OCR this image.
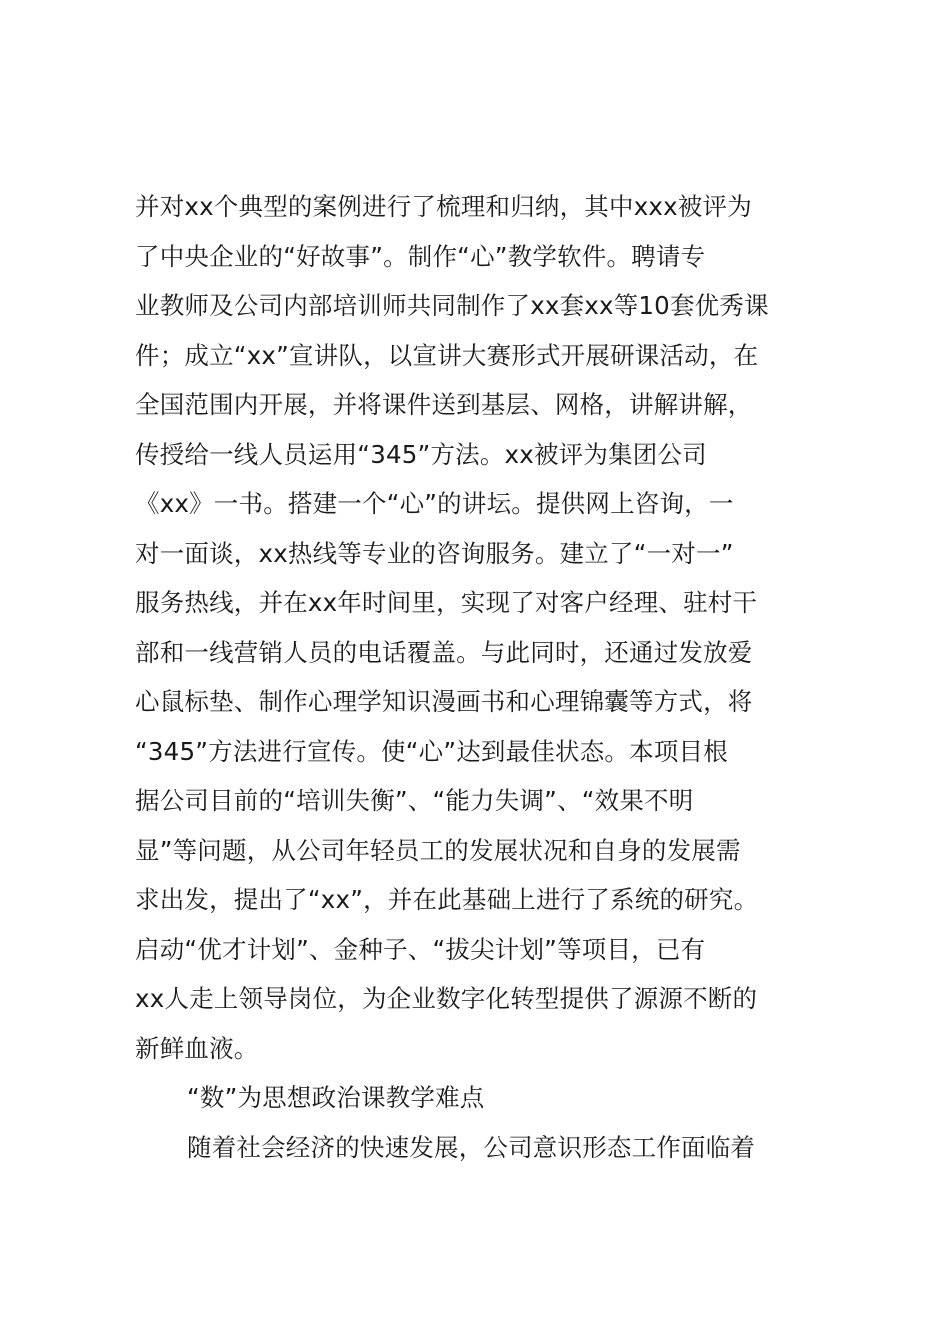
并对xx个典型的案例进行了梳理和归纳，其中xxx被评为
了中央企业的“好故事”。制作“心”教学软件。聘请专
业教师及公司内部培训师共同制作了xx套xx等10套优秀课
件；成立“xx”宣讲队，以宣讲大赛形式开展研课活动，在
全国范围内开展，并将课件送到基层、网格，讲解讲解，
传授给一线人员运用“345”方法。xx被评为集团公司
《xx》一书。搭建一个“心”的讲坛。提供网上咨询，一
对一面谈，xx热线等专业的咨询服务。建立了“一对一”
服务热线，并在xx年时间里，实现了对客户经理、驻村干
部和一线营销人员的电话覆盖。与此同时，还通过发放爱
心鼠标垫、制作心理学知识漫画书和心理锦囊等方式，将
“345”方法进行宣传。使“心”达到最佳状态。本项目根
据公司目前的“培训失衡”、“能力失调”、“效果不明
显”等问题，从公司年轻员工的发展状况和自身的发展需
求出发，提出了“xx”，并在此基础上进行了系统的研究。
启动“优才计划”、金种子、“拔尖计划”等项目，已有
xx人走上领导岗位，为企业数字化转型提供了源源不断的
新鲜血液。
“数”为思想政治课教学难点
随着社会经济的快速发展，公司意识形态工作面临着
